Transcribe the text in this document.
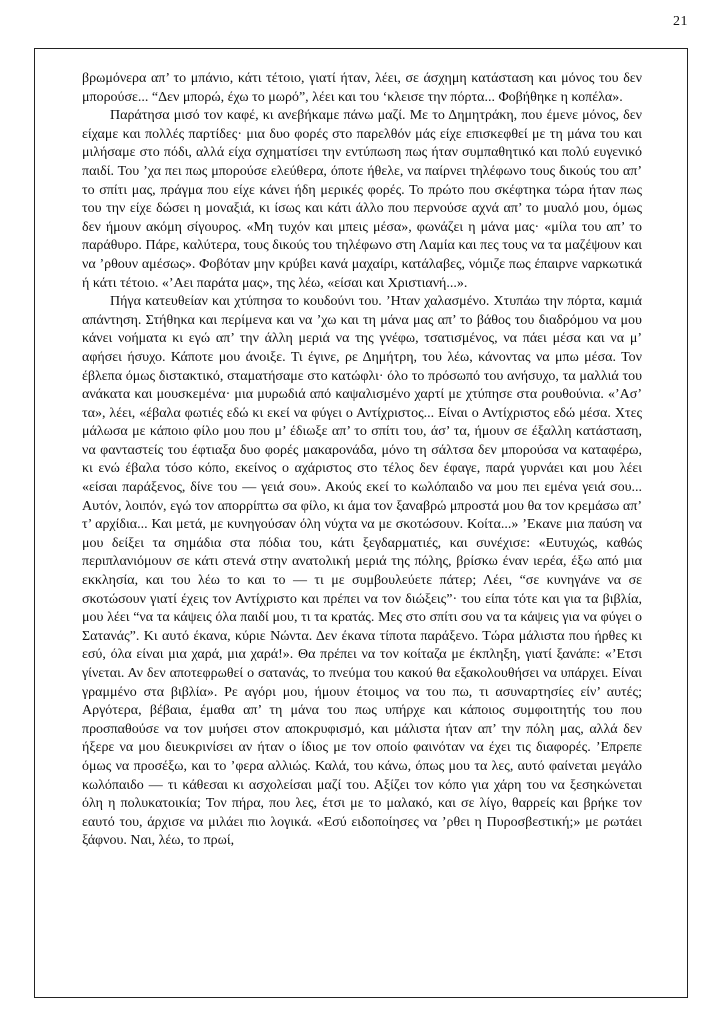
21

βρωμόνερα απ’ το μπάνιο, κάτι τέτοιο, γιατί ήταν, λέει, σε άσχημη κατάσταση και μόνος του δεν μπορούσε... “Δεν μπορώ, έχω το μωρό”, λέει και του ‘κλεισε την πόρτα... Φοβήθηκε η κοπέλα».

Παράτησα μισό τον καφέ, κι ανεβήκαμε πάνω μαζί. Με το Δημητράκη, που έμενε μόνος, δεν είχαμε και πολλές παρτίδες· μια δυο φορές στο παρελθόν μάς είχε επισκεφθεί με τη μάνα του και μιλήσαμε στο πόδι, αλλά είχα σχηματίσει την εντύπωση πως ήταν συμπαθητικό και πολύ ευγενικό παιδί. Του ’χα πει πως μπορούσε ελεύθερα, όποτε ήθελε, να παίρνει τηλέφωνο τους δικούς του απ’ το σπίτι μας, πράγμα που είχε κάνει ήδη μερικές φορές. Το πρώτο που σκέφτηκα τώρα ήταν πως του την είχε δώσει η μοναξιά, κι ίσως και κάτι άλλο που περνούσε αχνά απ’ το μυαλό μου, όμως δεν ήμουν ακόμη σίγουρος. «Μη τυχόν και μπεις μέσα», φωνάζει η μάνα μας· «μίλα του απ’ το παράθυρο. Πάρε, καλύτερα, τους δικούς του τηλέφωνο στη Λαμία και πες τους να τα μαζέψουν και να ’ρθουν αμέσως». Φοβόταν μην κρύβει κανά μαχαίρι, κατάλαβες, νόμιζε πως έπαιρνε ναρκωτικά ή κάτι τέτοιο. «’Αει παράτα μας», της λέω, «είσαι και Χριστιανή...».

Πήγα κατευθείαν και χτύπησα το κουδούνι του. ’Ηταν χαλασμένο. Χτυπάω την πόρτα, καμιά απάντηση. Στήθηκα και περίμενα και να ’χω και τη μάνα μας απ’ το βάθος του διαδρόμου να μου κάνει νοήματα κι εγώ απ’ την άλλη μεριά να της γνέφω, τσατισμένος, να πάει μέσα και να μ’ αφήσει ήσυχο. Κάποτε μου άνοιξε. Τι έγινε, ρε Δημήτρη, του λέω, κάνοντας να μπω μέσα. Τον έβλεπα όμως διστακτικό, σταματήσαμε στο κατώφλι· όλο το πρόσωπό του ανήσυχο, τα μαλλιά του ανάκατα και μουσκεμένα· μια μυρωδιά από καψαλισμένο χαρτί με χτύπησε στα ρουθούνια. «’Ασ’ τα», λέει, «έβαλα φωτιές εδώ κι εκεί να φύγει ο Αντίχριστος... Είναι ο Αντίχριστος εδώ μέσα. Χτες μάλωσα με κάποιο φίλο μου που μ’ έδιωξε απ’ το σπίτι του, άσ’ τα, ήμουν σε έξαλλη κατάσταση, να φανταστείς του έφτιαξα δυο φορές μακαρονάδα, μόνο τη σάλτσα δεν μπορούσα να καταφέρω, κι ενώ έβαλα τόσο κόπο, εκείνος ο αχάριστος στο τέλος δεν έφαγε, παρά γυρνάει και μου λέει «είσαι παράξενος, δίνε του — γειά σου». Ακούς εκεί το κωλόπαιδο να μου πει εμένα γειά σου... Αυτόν, λοιπόν, εγώ τον απορρίπτω σα φίλο, κι άμα τον ξαναβρώ μπροστά μου θα τον κρεμάσω απ’ τ’ αρχίδια... Και μετά, με κυνηγούσαν όλη νύχτα να με σκοτώσουν. Κοίτα...» ’Εκανε μια παύση να μου δείξει τα σημάδια στα πόδια του, κάτι ξεγδαρματιές, και συνέχισε: «Ευτυχώς, καθώς περιπλανιόμουν σε κάτι στενά στην ανατολική μεριά της πόλης, βρίσκω έναν ιερέα, έξω από μια εκκλησία, και του λέω το και το — τι με συμβουλεύετε πάτερ; Λέει, “σε κυνηγάνε να σε σκοτώσουν γιατί έχεις τον Αντίχριστο και πρέπει να τον διώξεις”· του είπα τότε και για τα βιβλία, μου λέει “να τα κάψεις όλα παιδί μου, τι τα κρατάς. Μες στο σπίτι σου να τα κάψεις για να φύγει ο Σατανάς”. Κι αυτό έκανα, κύριε Νώντα. Δεν έκανα τίποτα παράξενο. Τώρα μάλιστα που ήρθες κι εσύ, όλα είναι μια χαρά, μια χαρά!». Θα πρέπει να τον κοίταζα με έκπληξη, γιατί ξανάπε: «’Ετσι γίνεται. Αν δεν αποτεφρωθεί ο σατανάς, το πνεύμα του κακού θα εξακολουθήσει να υπάρχει. Είναι γραμμένο στα βιβλία». Ρε αγόρι μου, ήμουν έτοιμος να του πω, τι ασυναρτησίες είν’ αυτές; Αργότερα, βέβαια, έμαθα απ’ τη μάνα του πως υπήρχε και κάποιος συμφοιτητής του που προσπαθούσε να τον μυήσει στον αποκρυφισμό, και μάλιστα ήταν απ’ την πόλη μας, αλλά δεν ήξερε να μου διευκρινίσει αν ήταν ο ίδιος με τον οποίο φαινόταν να έχει τις διαφορές. ’Επρεπε όμως να προσέξω, και το ’φερα αλλιώς. Καλά, του κάνω, όπως μου τα λες, αυτό φαίνεται μεγάλο κωλόπαιδο — τι κάθεσαι κι ασχολείσαι μαζί του. Αξίζει τον κόπο για χάρη του να ξεσηκώνεται όλη η πολυκατοικία; Τον πήρα, που λες, έτσι με το μαλακό, και σε λίγο, θαρρείς και βρήκε τον εαυτό του, άρχισε να μιλάει πιο λογικά. «Εσύ ειδοποίησες να ’ρθει η Πυροσβεστική;» με ρωτάει ξάφνου. Ναι, λέω, το πρωί,
